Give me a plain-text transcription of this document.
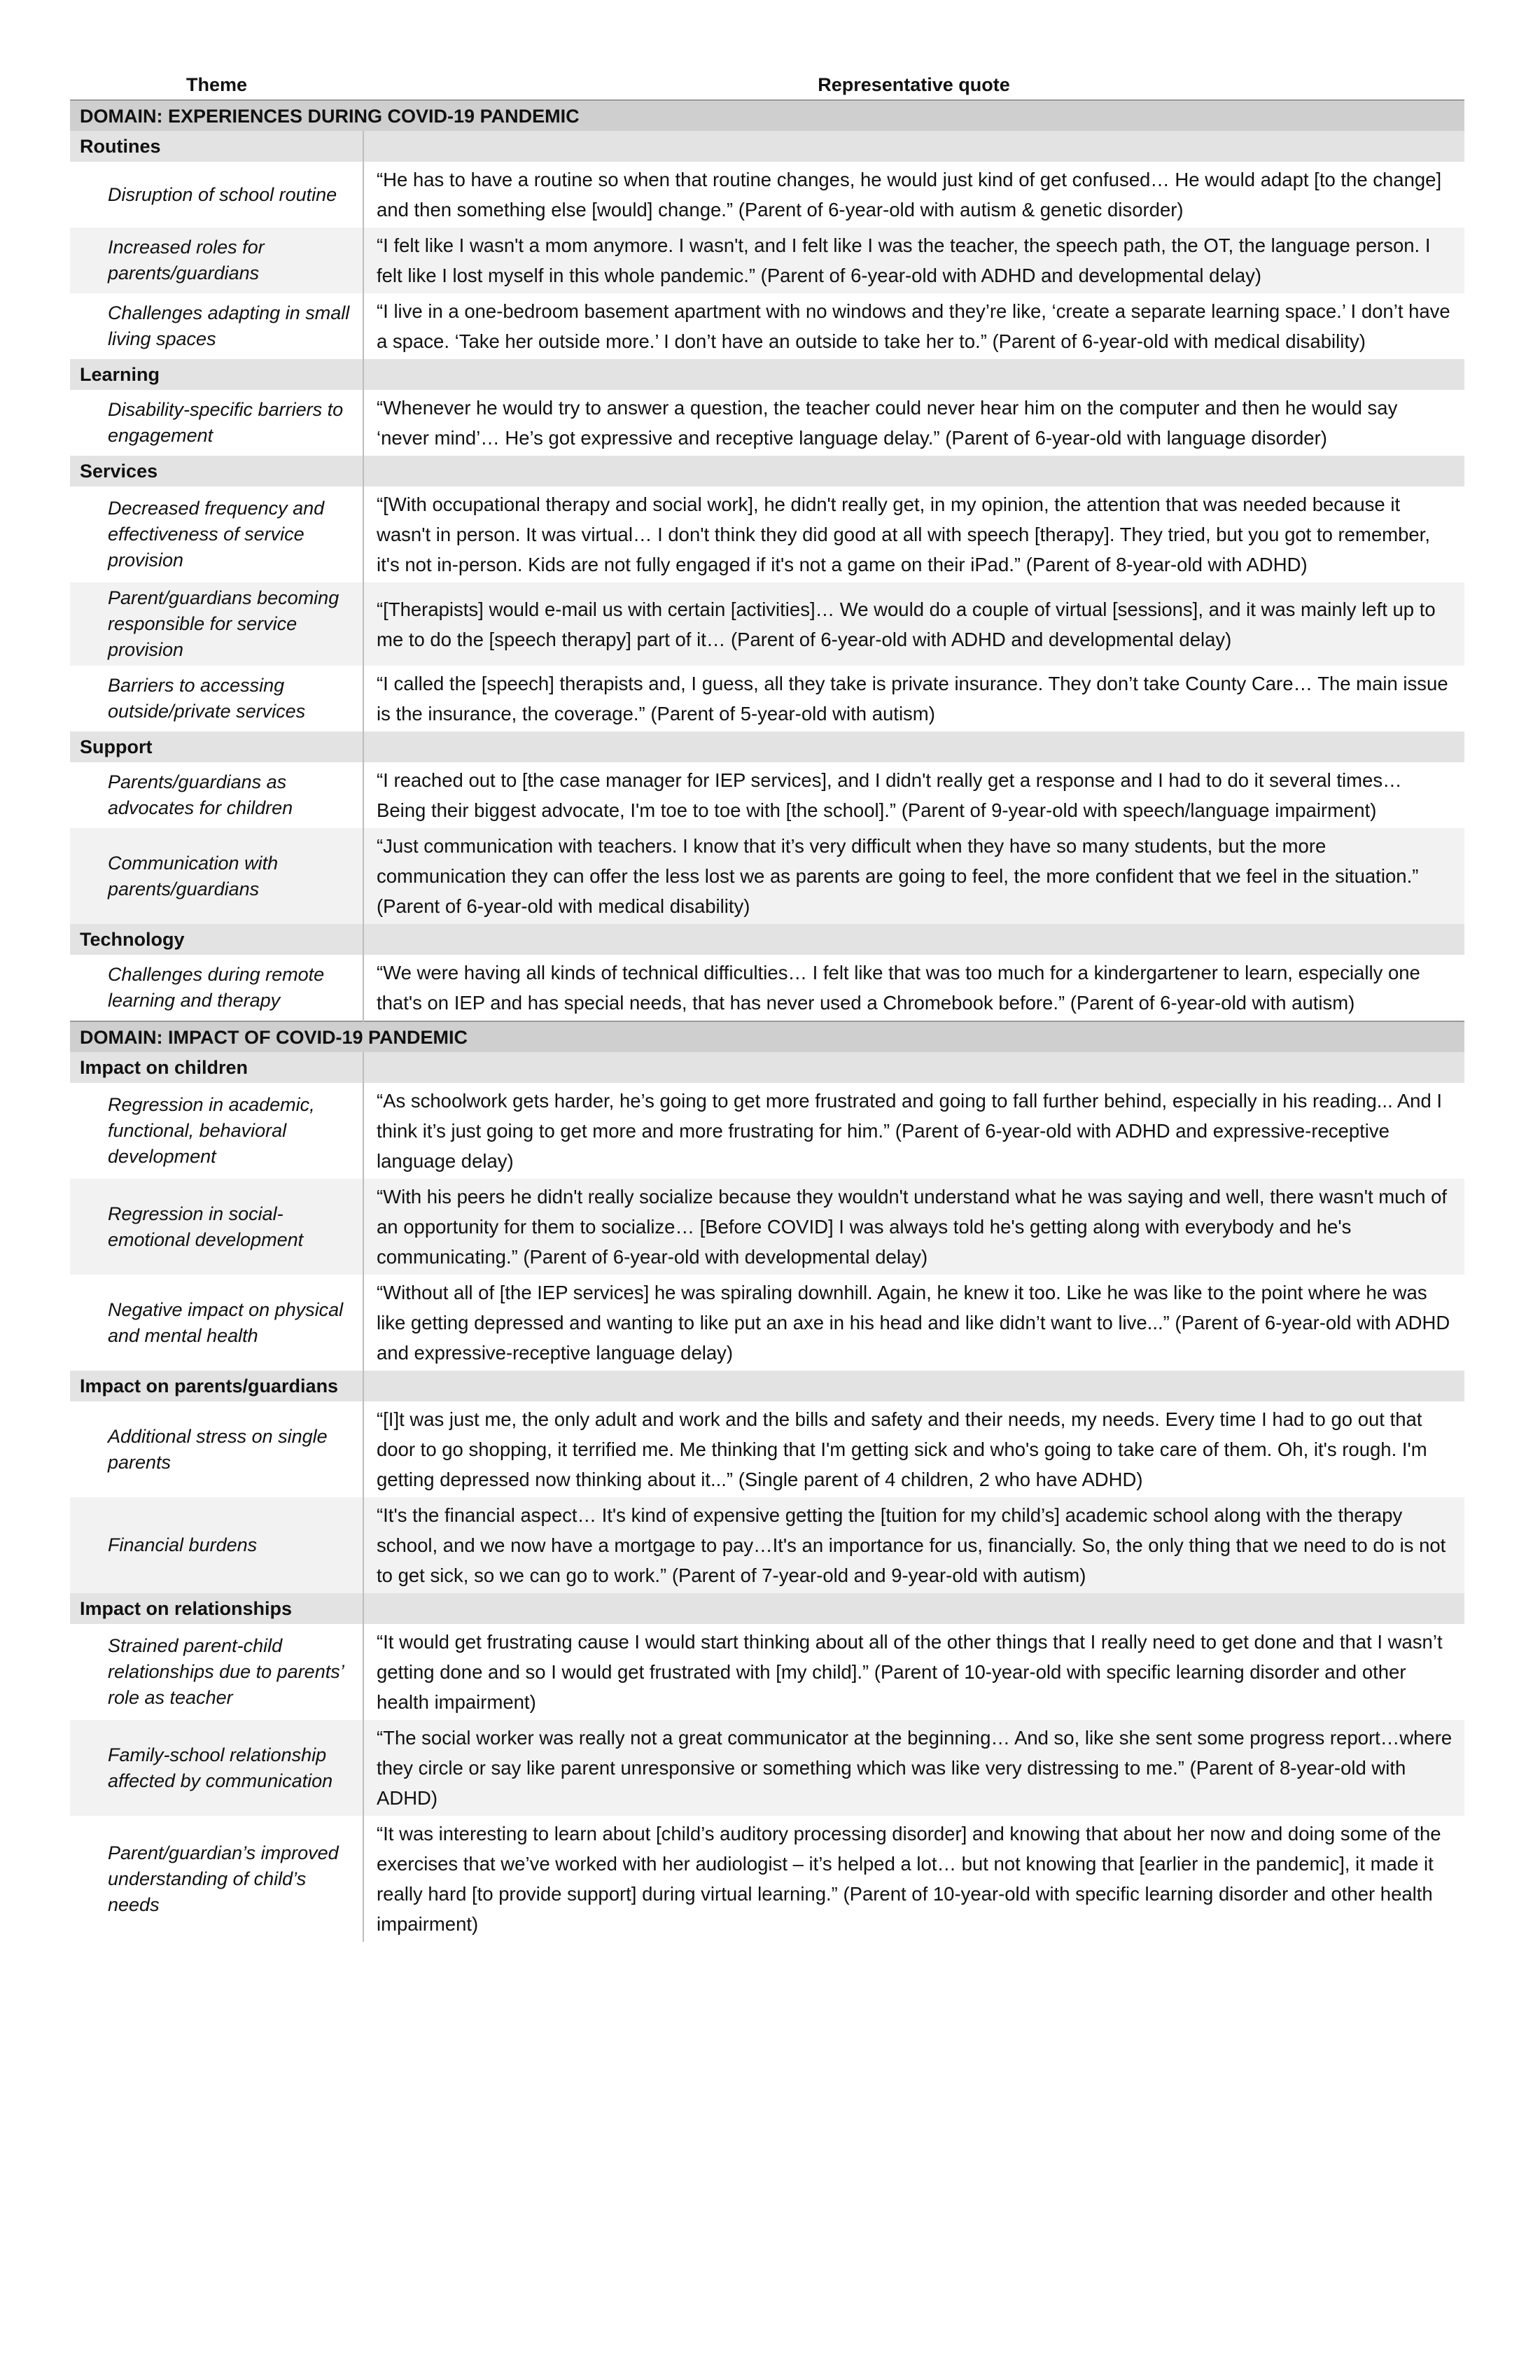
Theme	Representative quote
DOMAIN: EXPERIENCES DURING COVID-19 PANDEMIC	
Routines	
Disruption of school routine	“He has to have a routine so when that routine changes, he would just kind of get confused… He would adapt [to the change] and then something else [would] change.” (Parent of 6-year-old with autism & genetic disorder)
Increased roles for parents/guardians	“I felt like I wasn't a mom anymore. I wasn't, and I felt like I was the teacher, the speech path, the OT, the language person. I felt like I lost myself in this whole pandemic.” (Parent of 6-year-old with ADHD and developmental delay)
Challenges adapting in small living spaces	“I live in a one-bedroom basement apartment with no windows and they’re like, ‘create a separate learning space.’ I don’t have a space. ‘Take her outside more.’ I don’t have an outside to take her to.” (Parent of 6-year-old with medical disability)
Learning	
Disability-specific barriers to engagement	“Whenever he would try to answer a question, the teacher could never hear him on the computer and then he would say ‘never mind’… He’s got expressive and receptive language delay.” (Parent of 6-year-old with language disorder)
Services	
Decreased frequency and effectiveness of service provision	“[With occupational therapy and social work], he didn't really get, in my opinion, the attention that was needed because it wasn't in person. It was virtual… I don't think they did good at all with speech [therapy]. They tried, but you got to remember, it's not in-person. Kids are not fully engaged if it's not a game on their iPad.” (Parent of 8-year-old with ADHD)
Parent/guardians becoming responsible for service provision	“[Therapists] would e-mail us with certain [activities]… We would do a couple of virtual [sessions], and it was mainly left up to me to do the [speech therapy] part of it… (Parent of 6-year-old with ADHD and developmental delay)
Barriers to accessing outside/private services	“I called the [speech] therapists and, I guess, all they take is private insurance. They don’t take County Care… The main issue is the insurance, the coverage.” (Parent of 5-year-old with autism)
Support	
Parents/guardians as advocates for children	“I reached out to [the case manager for IEP services], and I didn't really get a response and I had to do it several times… Being their biggest advocate, I'm toe to toe with [the school].” (Parent of 9-year-old with speech/language impairment)
Communication with parents/guardians	“Just communication with teachers. I know that it’s very difficult when they have so many students, but the more communication they can offer the less lost we as parents are going to feel, the more confident that we feel in the situation.” (Parent of 6-year-old with medical disability)
Technology	
Challenges during remote learning and therapy	“We were having all kinds of technical difficulties… I felt like that was too much for a kindergartener to learn, especially one that's on IEP and has special needs, that has never used a Chromebook before.” (Parent of 6-year-old with autism)
DOMAIN: IMPACT OF COVID-19 PANDEMIC	
Impact on children	
Regression in academic, functional, behavioral development	“As schoolwork gets harder, he’s going to get more frustrated and going to fall further behind, especially in his reading... And I think it’s just going to get more and more frustrating for him.” (Parent of 6-year-old with ADHD and expressive-receptive language delay)
Regression in social-emotional development	“With his peers he didn't really socialize because they wouldn't understand what he was saying and well, there wasn't much of an opportunity for them to socialize… [Before COVID] I was always told he's getting along with everybody and he's communicating.” (Parent of 6-year-old with developmental delay)
Negative impact on physical and mental health	“Without all of [the IEP services] he was spiraling downhill. Again, he knew it too. Like he was like to the point where he was like getting depressed and wanting to like put an axe in his head and like didn’t want to live...” (Parent of 6-year-old with ADHD and expressive-receptive language delay)
Impact on parents/guardians	
Additional stress on single parents	“[I]t was just me, the only adult and work and the bills and safety and their needs, my needs. Every time I had to go out that door to go shopping, it terrified me. Me thinking that I'm getting sick and who's going to take care of them. Oh, it's rough. I'm getting depressed now thinking about it...” (Single parent of 4 children, 2 who have ADHD)
Financial burdens	“It's the financial aspect… It's kind of expensive getting the [tuition for my child’s] academic school along with the therapy school, and we now have a mortgage to pay…It's an importance for us, financially. So, the only thing that we need to do is not to get sick, so we can go to work.” (Parent of 7-year-old and 9-year-old with autism)
Impact on relationships	
Strained parent-child relationships due to parents’ role as teacher	“It would get frustrating cause I would start thinking about all of the other things that I really need to get done and that I wasn’t getting done and so I would get frustrated with [my child].” (Parent of 10-year-old with specific learning disorder and other health impairment)
Family-school relationship affected by communication	“The social worker was really not a great communicator at the beginning… And so, like she sent some progress report…where they circle or say like parent unresponsive or something which was like very distressing to me.” (Parent of 8-year-old with ADHD)
Parent/guardian’s improved understanding of child’s needs	“It was interesting to learn about [child’s auditory processing disorder] and knowing that about her now and doing some of the exercises that we’ve worked with her audiologist – it’s helped a lot… but not knowing that [earlier in the pandemic], it made it really hard [to provide support] during virtual learning.” (Parent of 10-year-old with specific learning disorder and other health impairment)
